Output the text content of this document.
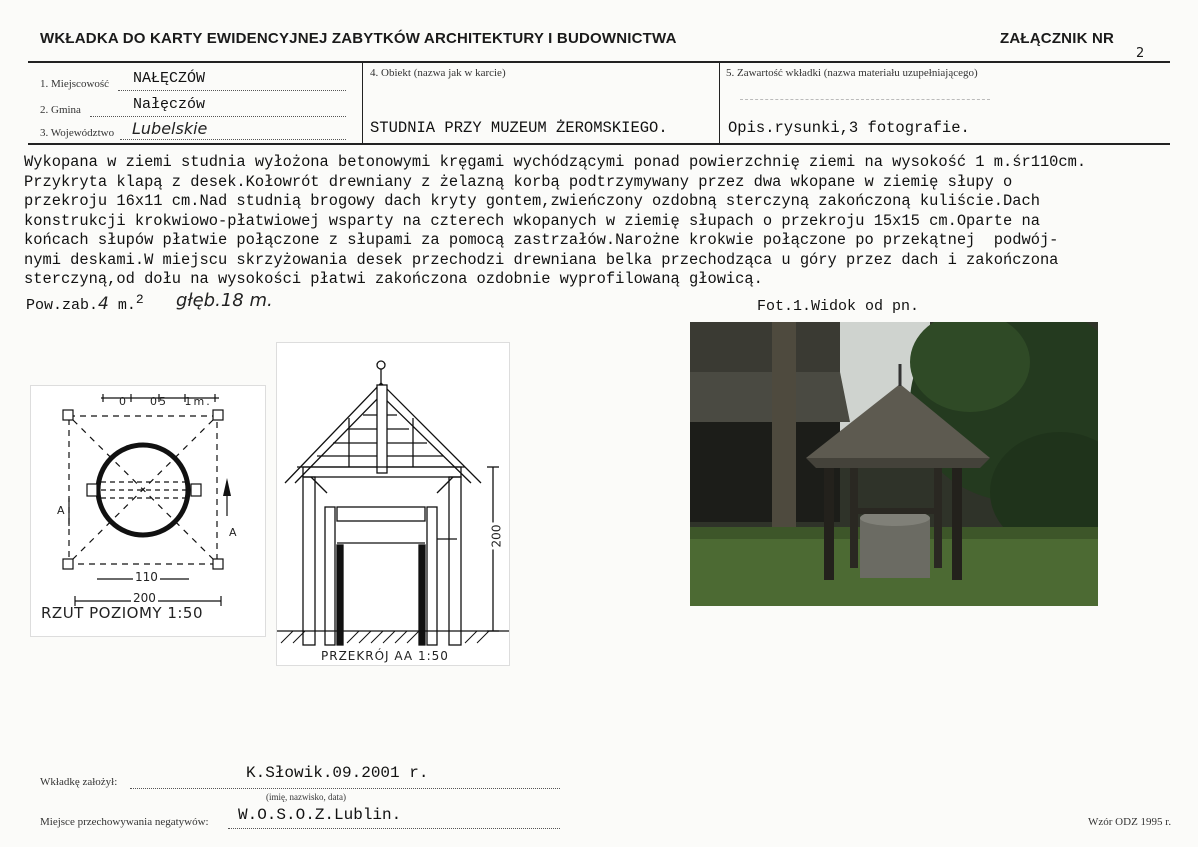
WKŁADKA DO KARTY EWIDENCYJNEJ ZABYTKÓW ARCHITEKTURY I BUDOWNICTWA	ZAŁĄCZNIK NR
2
1. Miejscowość NAŁĘCZÓW
2. Gmina	Nałęczów
3. Województwo Lubelskie
4. Obiekt (nazwa jak w karcie)
STUDNIA PRZY MUZEUM ŻEROMSKIEGO.
5. Zawartość wkładki (nazwa materiału uzupełniającego)
Opis.rysunki,3 fotografie.
Wykopana w ziemi studnia wyłożona betonowymi kręgami wychódzącymi ponad powierzchnię ziemi na wysokość 1 m.śr110cm.
Przykryta klapą z desek.Kołowrót drewniany z żelazną korbą podtrzymywany przez dwa wkopane w ziemię słupy o
przekroju 16x11 cm.Nad studnią brogowy dach kryty gontem,zwieńczony ozdobną sterczyną zakończoną kuliście.Dach
konstrukcji krokwiowo-płatwiowej wsparty na czterech wkopanych w ziemię słupach o przekroju 15x15 cm.Oparte na
końcach słupów płatwie połączone z słupami za pomocą zastrzałów.Narożne krokwie połączone po przekątnej  podwój-
nymi deskami.W miejscu skrzyżowania desek przechodzi drewniana belka przechodząca u góry przez dach i zakończona
sterczyną,od dołu na wysokości płatwi zakończona ozdobnie wyprofilowaną głowicą.
Pow.zab.4 m.$^2$ głęb.18 m.	Fot.1.Widok od pn.
0 05 1m.
A
A
110
200
RZUT POZIOMY 1:50
200
PRZEKRÓJ AA 1:50
Wkładkę założył:	K.Słowik.09.2001 r.
(imię, nazwisko, data)
Miejsce przechowywania negatywów: W.O.S.O.Z.Lublin.	Wzór ODZ 1995 r.
